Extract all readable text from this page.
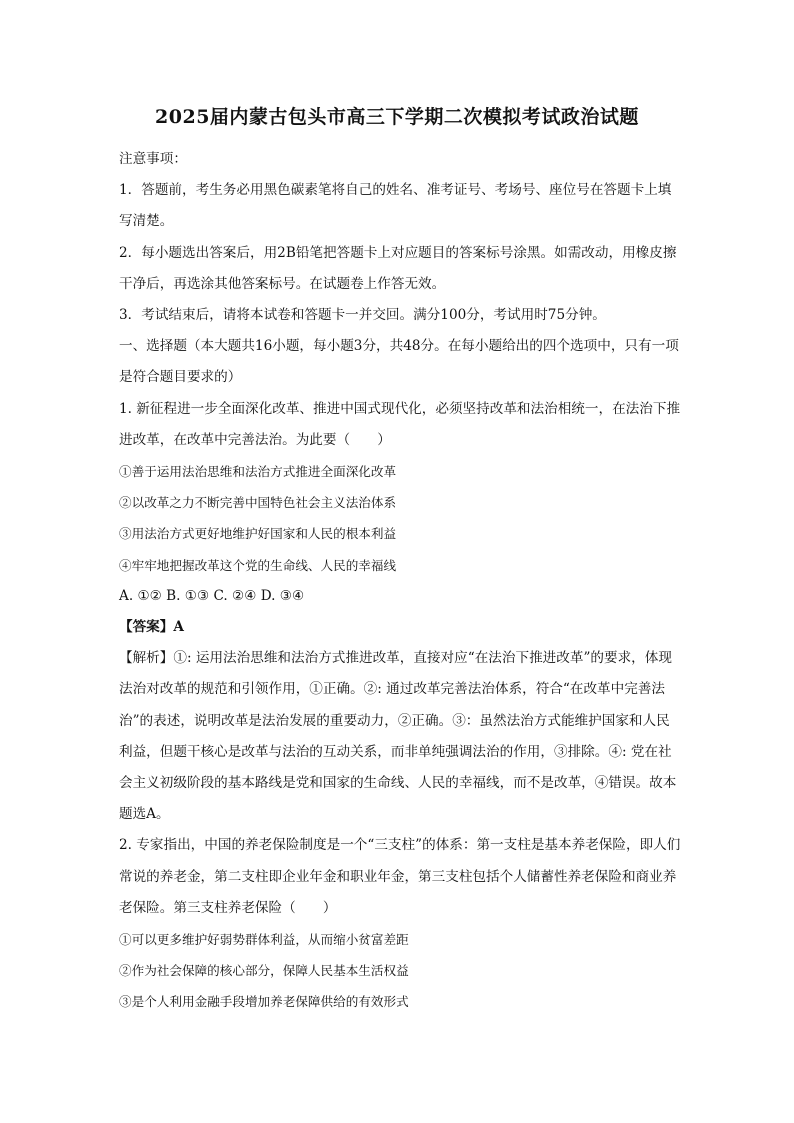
2025届内蒙古包头市高三下学期二次模拟考试政治试题

注意事项：

1．答题前，考生务必用黑色碳素笔将自己的姓名、准考证号、考场号、座位号在答题卡上填写清楚。

2．每小题选出答案后，用2B铅笔把答题卡上对应题目的答案标号涂黑。如需改动，用橡皮擦干净后，再选涂其他答案标号。在试题卷上作答无效。

3．考试结束后，请将本试卷和答题卡一并交回。满分100分，考试用时75分钟。

一、选择题（本大题共16小题，每小题3分，共48分。在每小题给出的四个选项中，只有一项是符合题目要求的）

1. 新征程进一步全面深化改革、推进中国式现代化，必须坚持改革和法治相统一，在法治下推进改革，在改革中完善法治。为此要（　　）

①善于运用法治思维和法治方式推进全面深化改革

②以改革之力不断完善中国特色社会主义法治体系

③用法治方式更好地维护好国家和人民的根本利益

④牢牢地把握改革这个党的生命线、人民的幸福线

A. ①② B. ①③ C. ②④ D. ③④

【答案】A

【解析】①: 运用法治思维和法治方式推进改革，直接对应“在法治下推进改革”的要求，体现法治对改革的规范和引领作用，①正确。②: 通过改革完善法治体系，符合“在改革中完善法治”的表述，说明改革是法治发展的重要动力，②正确。③：虽然法治方式能维护国家和人民利益，但题干核心是改革与法治的互动关系，而非单纯强调法治的作用，③排除。④: 党在社会主义初级阶段的基本路线是党和国家的生命线、人民的幸福线，而不是改革，④错误。故本题选A。

2. 专家指出，中国的养老保险制度是一个“三支柱”的体系：第一支柱是基本养老保险，即人们常说的养老金，第二支柱即企业年金和职业年金，第三支柱包括个人储蓄性养老保险和商业养老保险。第三支柱养老保险（　　）

①可以更多维护好弱势群体利益，从而缩小贫富差距

②作为社会保障的核心部分，保障人民基本生活权益

③是个人利用金融手段增加养老保障供给的有效形式
